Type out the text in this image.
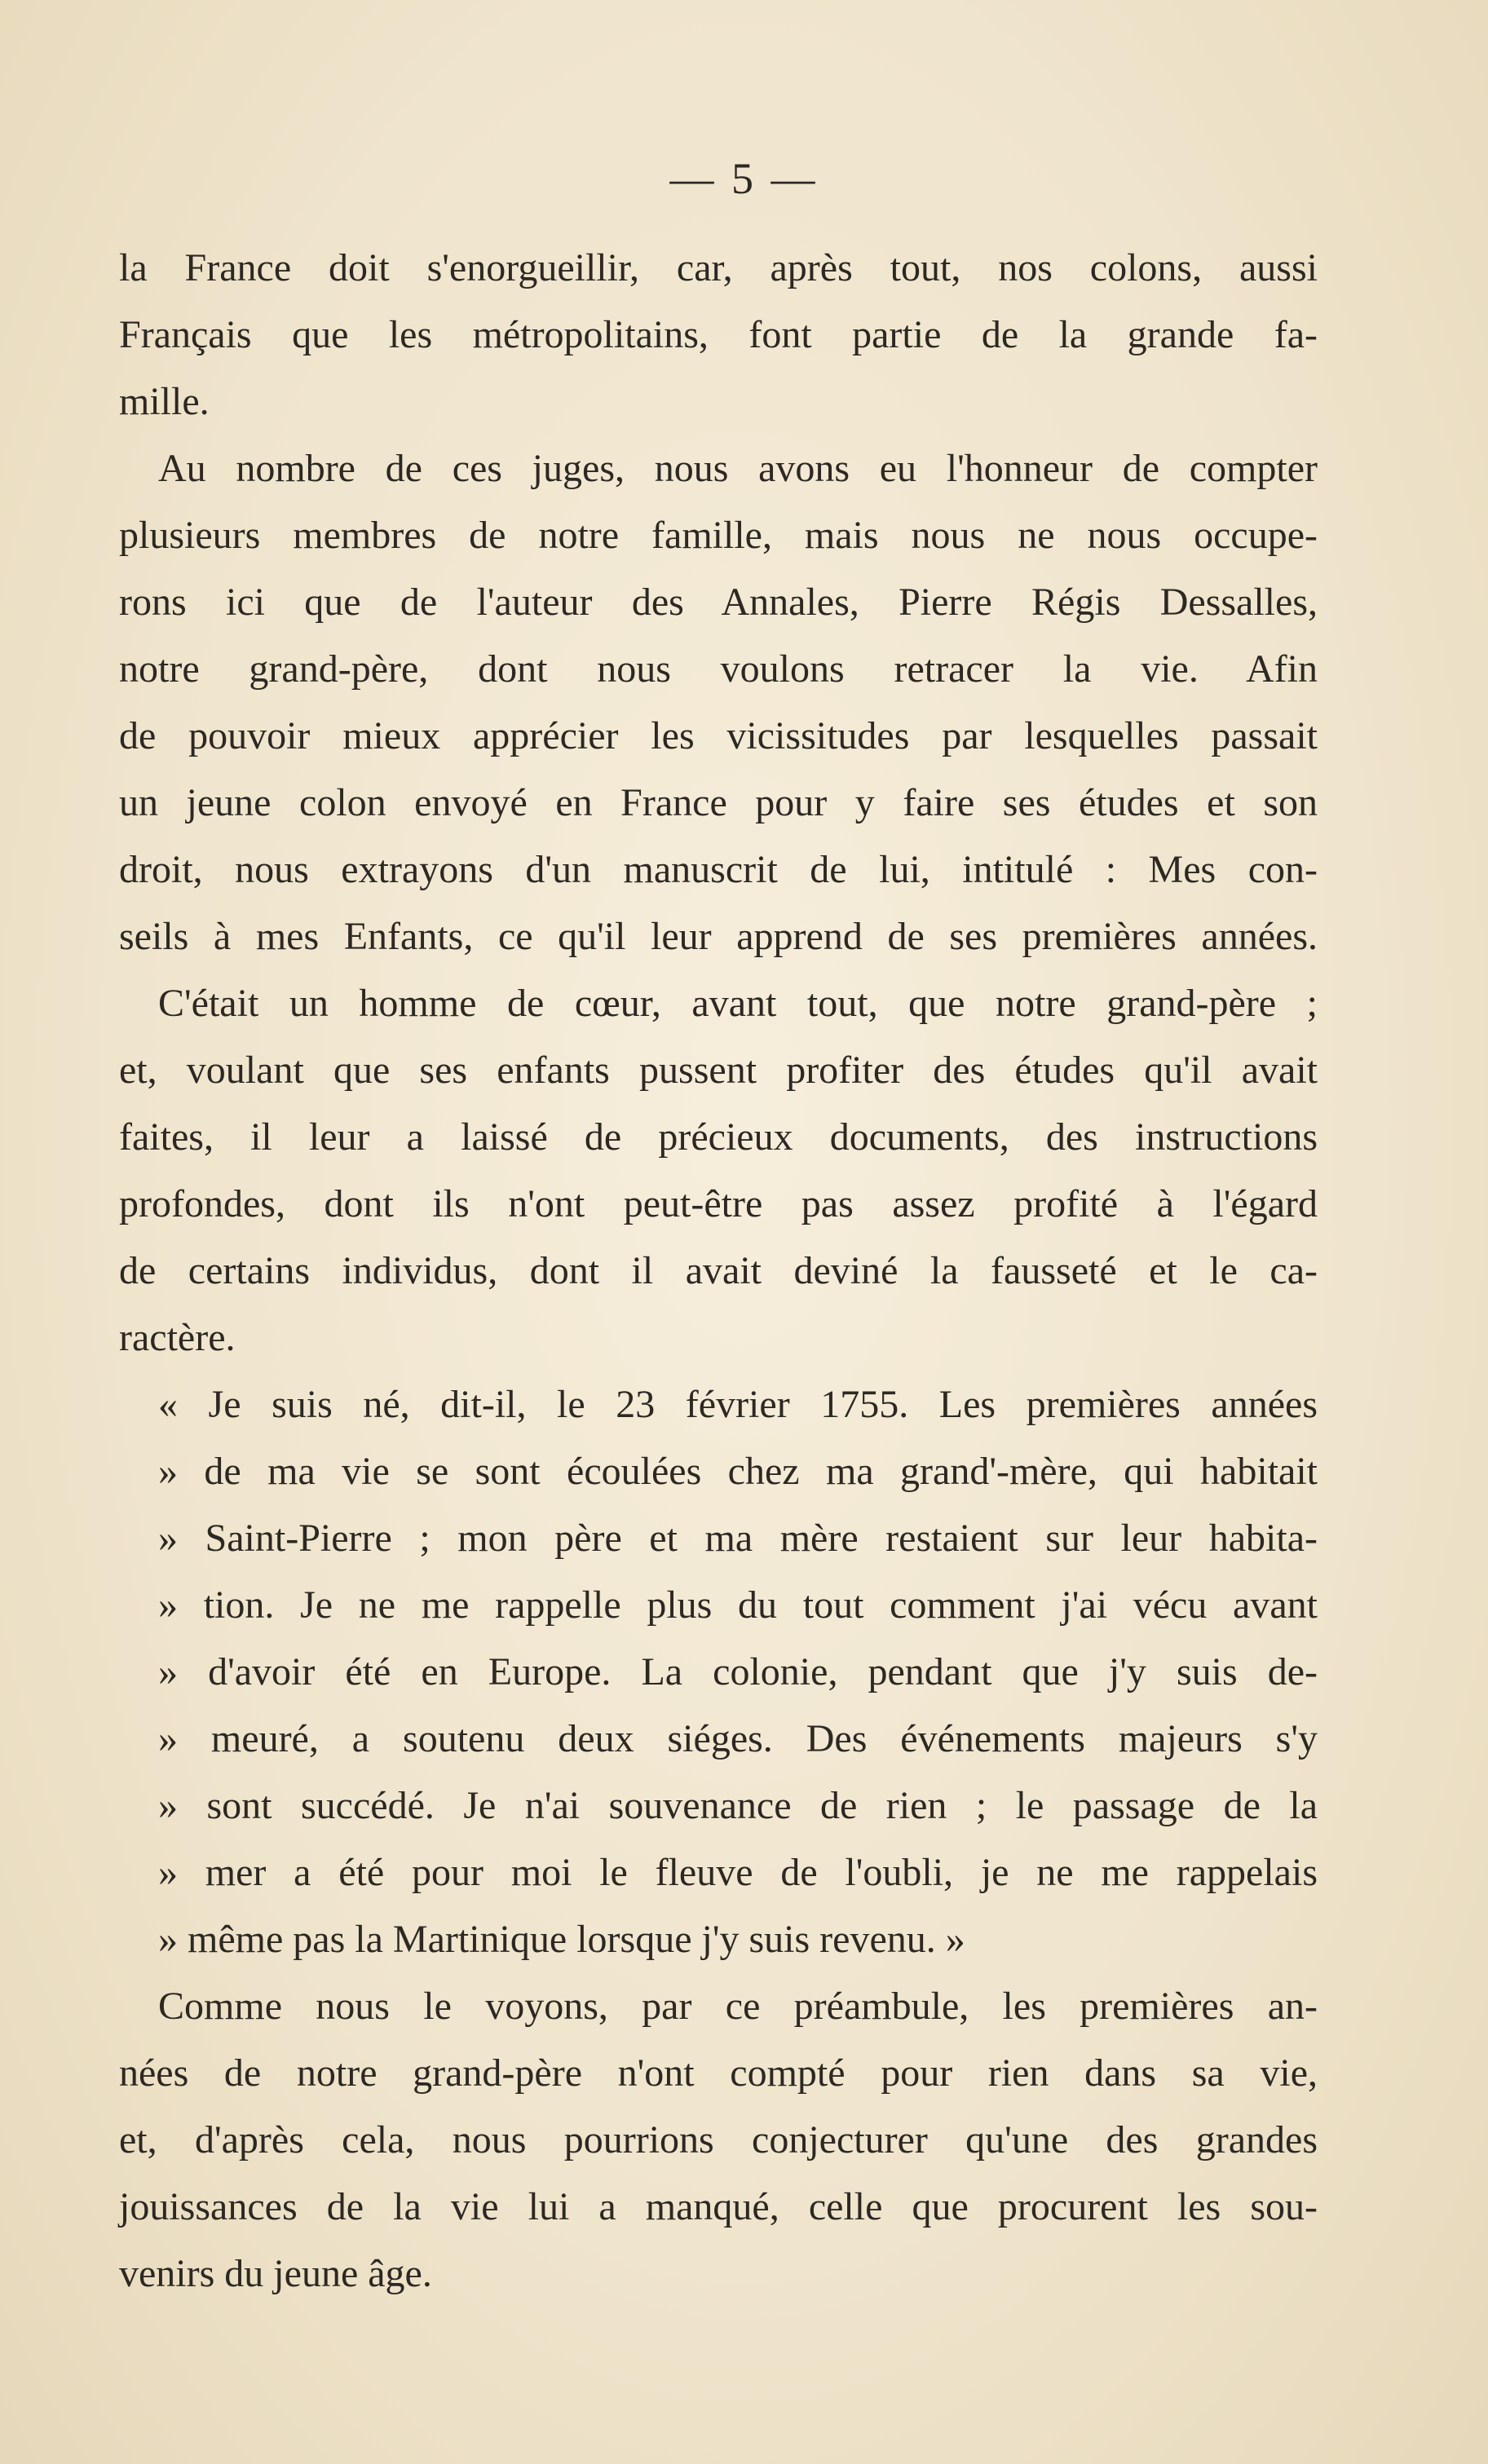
— 5 —
la France doit s'enorgueillir, car, après tout, nos colons, aussi
Français que les métropolitains, font partie de la grande fa-
mille.
Au nombre de ces juges, nous avons eu l'honneur de compter
plusieurs membres de notre famille, mais nous ne nous occupe-
rons ici que de l'auteur des Annales, Pierre Régis Dessalles,
notre grand-père, dont nous voulons retracer la vie. Afin
de pouvoir mieux apprécier les vicissitudes par lesquelles passait
un jeune colon envoyé en France pour y faire ses études et son
droit, nous extrayons d'un manuscrit de lui, intitulé : Mes con-
seils à mes Enfants, ce qu'il leur apprend de ses premières années.
C'était un homme de cœur, avant tout, que notre grand-père ;
et, voulant que ses enfants pussent profiter des études qu'il avait
faites, il leur a laissé de précieux documents, des instructions
profondes, dont ils n'ont peut-être pas assez profité à l'égard
de certains individus, dont il avait deviné la fausseté et le ca-
ractère.
« Je suis né, dit-il, le 23 février 1755. Les premières années
» de ma vie se sont écoulées chez ma grand'-mère, qui habitait
» Saint-Pierre ; mon père et ma mère restaient sur leur habita-
» tion. Je ne me rappelle plus du tout comment j'ai vécu avant
» d'avoir été en Europe. La colonie, pendant que j'y suis de-
» meuré, a soutenu deux siéges. Des événements majeurs s'y
» sont succédé. Je n'ai souvenance de rien ; le passage de la
» mer a été pour moi le fleuve de l'oubli, je ne me rappelais
» même pas la Martinique lorsque j'y suis revenu. »
Comme nous le voyons, par ce préambule, les premières an-
nées de notre grand-père n'ont compté pour rien dans sa vie,
et, d'après cela, nous pourrions conjecturer qu'une des grandes
jouissances de la vie lui a manqué, celle que procurent les sou-
venirs du jeune âge.
